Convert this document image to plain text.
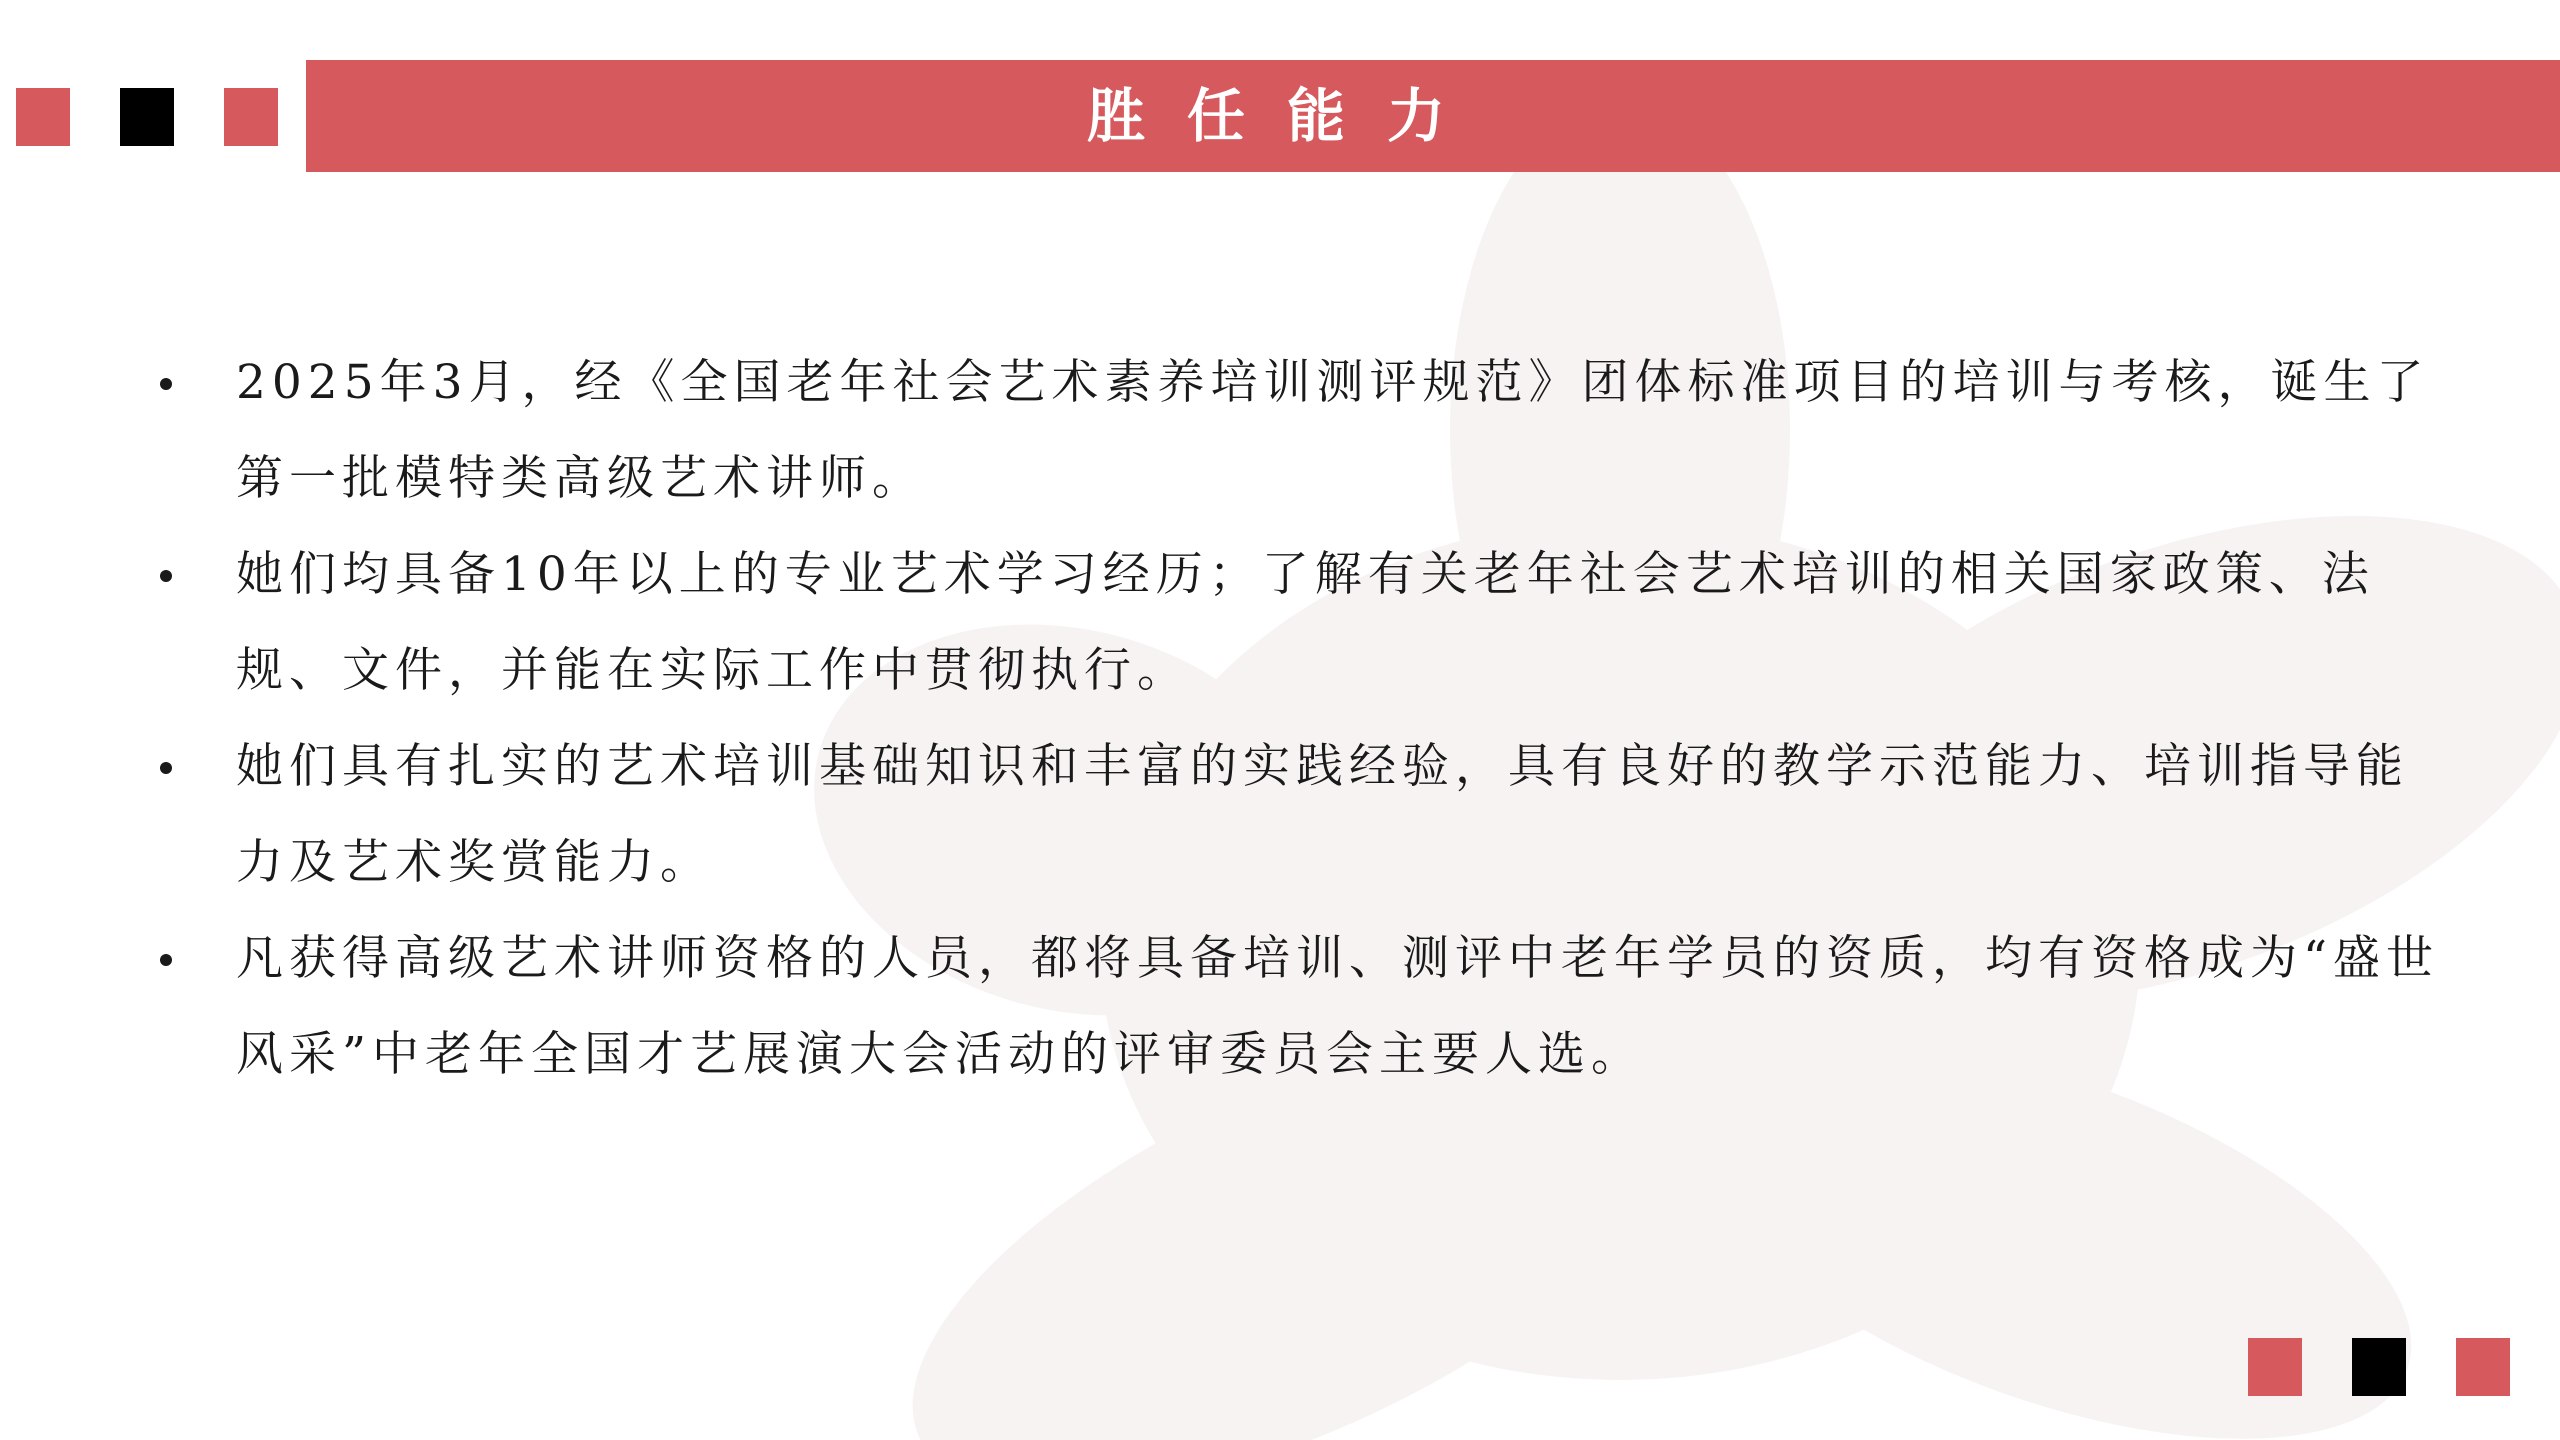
胜任能力
2025年3月，经《全国老年社会艺术素养培训测评规范》团体标准项目的培训与考核，诞生了第一批模特类高级艺术讲师。
她们均具备10年以上的专业艺术学习经历；了解有关老年社会艺术培训的相关国家政策、法规、文件，并能在实际工作中贯彻执行。
她们具有扎实的艺术培训基础知识和丰富的实践经验，具有良好的教学示范能力、培训指导能力及艺术奖赏能力。
凡获得高级艺术讲师资格的人员，都将具备培训、测评中老年学员的资质，均有资格成为“盛世风采”中老年全国才艺展演大会活动的评审委员会主要人选。
